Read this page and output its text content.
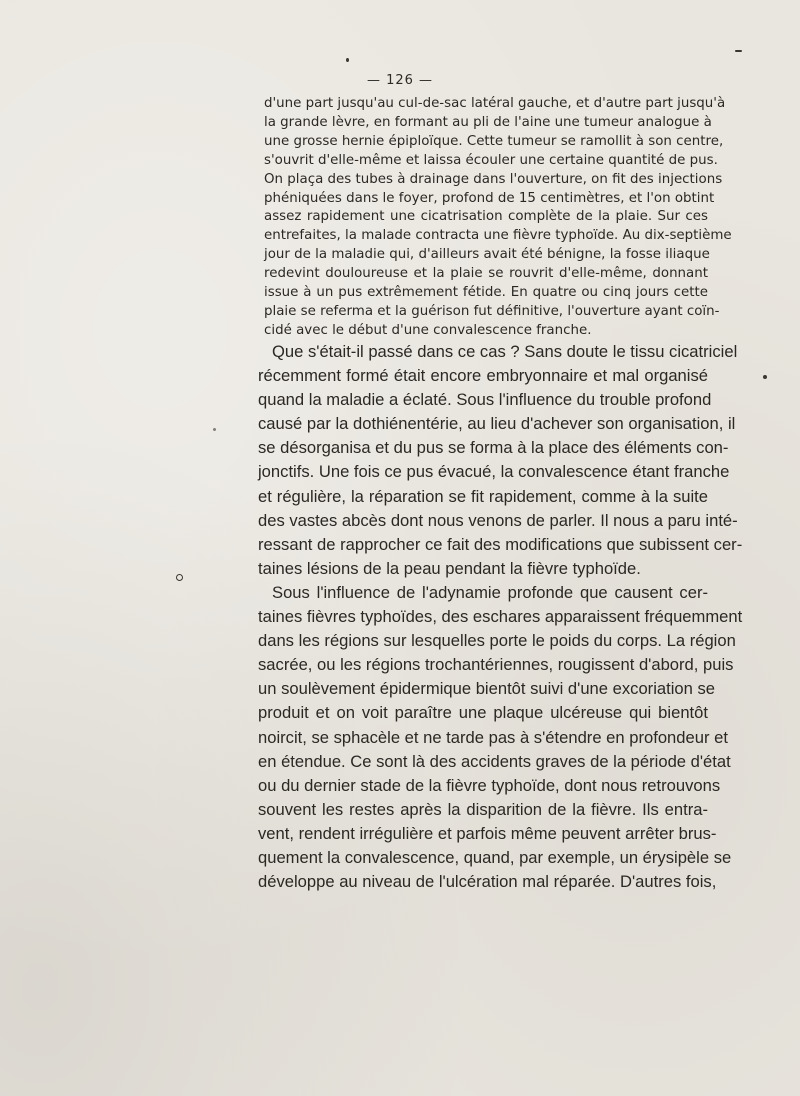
— 126 —
d'une part jusqu'au cul-de-sac latéral gauche, et d'autre part jusqu'à
la grande lèvre, en formant au pli de l'aine une tumeur analogue à
une grosse hernie épiploïque. Cette tumeur se ramollit à son centre,
s'ouvrit d'elle-même et laissa écouler une certaine quantité de pus.
On plaça des tubes à drainage dans l'ouverture, on fit des injections
phéniquées dans le foyer, profond de 15 centimètres, et l'on obtint
assez rapidement une cicatrisation complète de la plaie. Sur ces
entrefaites, la malade contracta une fièvre typhoïde. Au dix-septième
jour de la maladie qui, d'ailleurs avait été bénigne, la fosse iliaque
redevint douloureuse et la plaie se rouvrit d'elle-même, donnant
issue à un pus extrêmement fétide. En quatre ou cinq jours cette
plaie se referma et la guérison fut définitive, l'ouverture ayant coïn-
cidé avec le début d'une convalescence franche.
Que s'était-il passé dans ce cas ? Sans doute le tissu cicatriciel
récemment formé était encore embryonnaire et mal organisé
quand la maladie a éclaté. Sous l'influence du trouble profond
causé par la dothiénentérie, au lieu d'achever son organisation, il
se désorganisa et du pus se forma à la place des éléments con-
jonctifs. Une fois ce pus évacué, la convalescence étant franche
et régulière, la réparation se fit rapidement, comme à la suite
des vastes abcès dont nous venons de parler. Il nous a paru inté-
ressant de rapprocher ce fait des modifications que subissent cer-
taines lésions de la peau pendant la fièvre typhoïde.
Sous l'influence de l'adynamie profonde que causent cer-
taines fièvres typhoïdes, des eschares apparaissent fréquemment
dans les régions sur lesquelles porte le poids du corps. La région
sacrée, ou les régions trochantériennes, rougissent d'abord, puis
un soulèvement épidermique bientôt suivi d'une excoriation se
produit et on voit paraître une plaque ulcéreuse qui bientôt
noircit, se sphacèle et ne tarde pas à s'étendre en profondeur et
en étendue. Ce sont là des accidents graves de la période d'état
ou du dernier stade de la fièvre typhoïde, dont nous retrouvons
souvent les restes après la disparition de la fièvre. Ils entra-
vent, rendent irrégulière et parfois même peuvent arrêter brus-
quement la convalescence, quand, par exemple, un érysipèle se
développe au niveau de l'ulcération mal réparée. D'autres fois,
